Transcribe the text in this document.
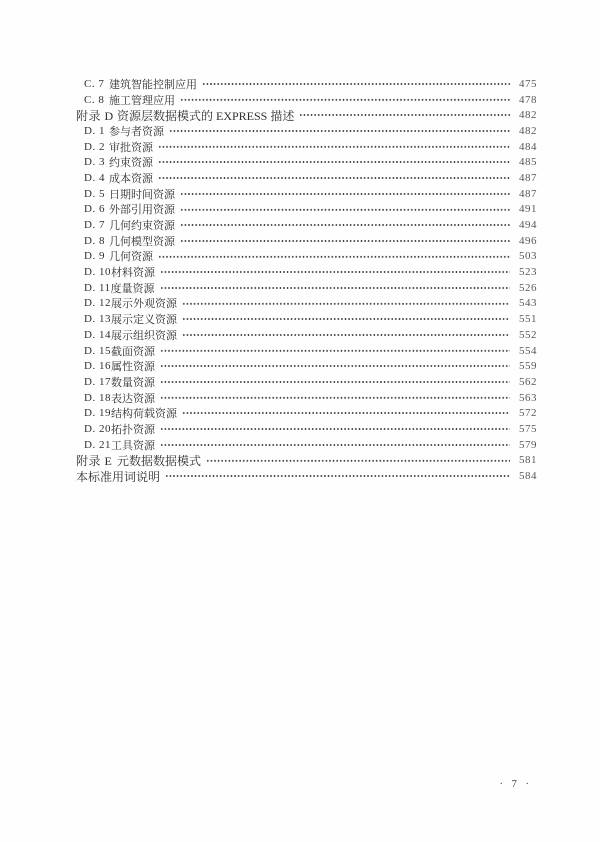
C. 7 建筑智能控制应用	475
C. 8 施工管理应用	478
附录 D 资源层数据模式的 EXPRESS 描述	482
D. 1 参与者资源	482
D. 2 审批资源	484
D. 3 约束资源	485
D. 4 成本资源	487
D. 5 日期时间资源	487
D. 6 外部引用资源	491
D. 7 几何约束资源	494
D. 8 几何模型资源	496
D. 9 几何资源	503
D. 10 材料资源	523
D. 11 度量资源	526
D. 12 展示外观资源	543
D. 13 展示定义资源	551
D. 14 展示组织资源	552
D. 15 截面资源	554
D. 16 属性资源	559
D. 17 数量资源	562
D. 18 表达资源	563
D. 19 结构荷载资源	572
D. 20 拓扑资源	575
D. 21 工具资源	579
附录 E 元数据数据模式	581
本标准用词说明	584
· 7 ·
